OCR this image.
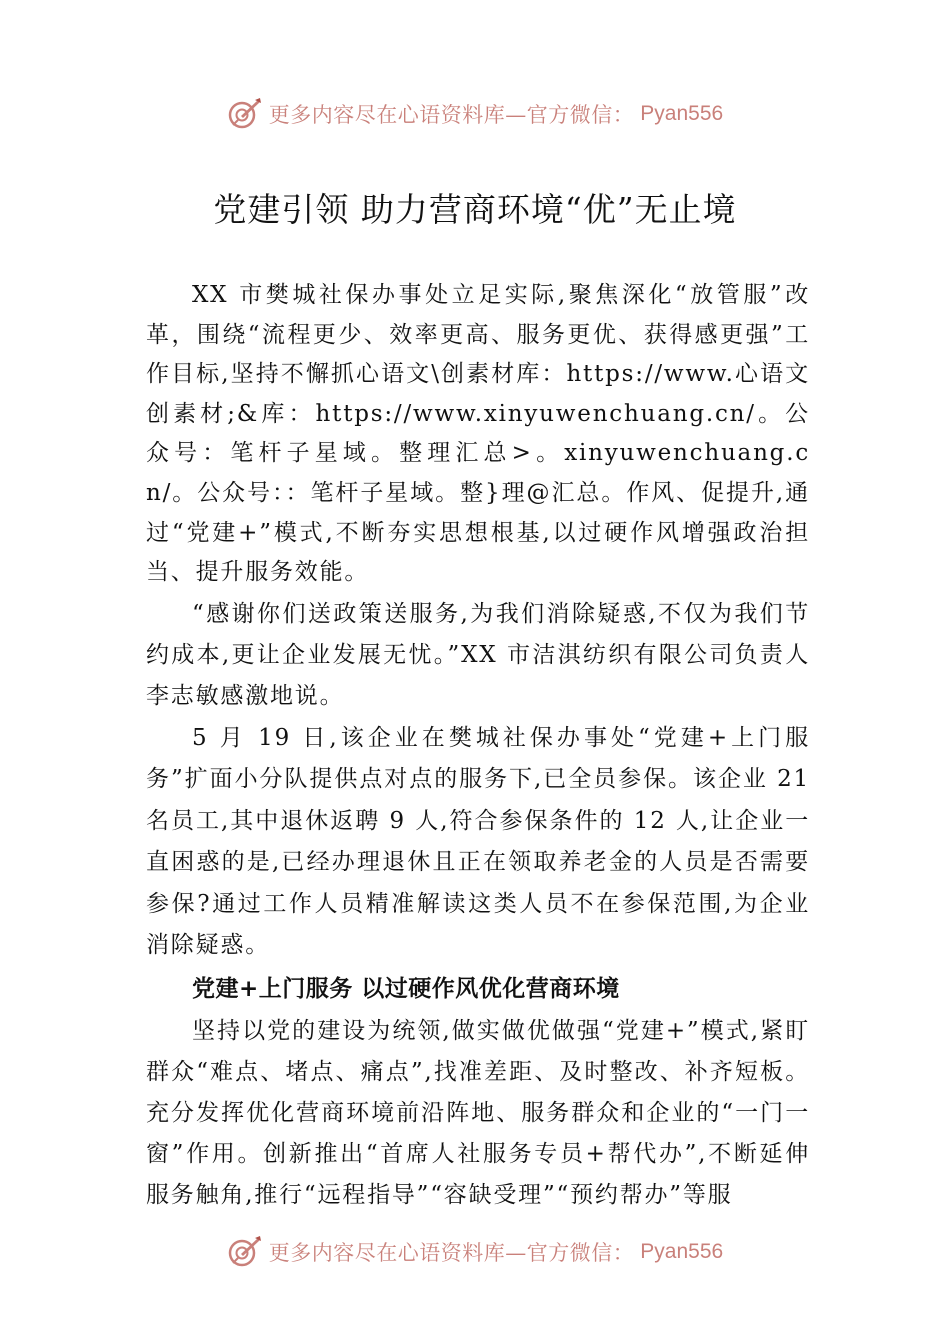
更多内容尽在心语资料库—官方微信： Pyan556
党建引领 助力营商环境“优”无止境

XX 市樊城社保办事处立足实际,聚焦深化“放管服”改革，围绕“流程更少、效率更高、服务更优、获得感更强”工作目标,坚持不懈抓心语文\创素材库：https://www.心语文创素材;&库：https://www.xinyuwenchuang.cn/。公众号：笔杆子星域。整理汇总>。xinyuwenchuang.cn/。公众号：：笔杆子星域。整}理@汇总。作风、促提升,通过“党建+”模式,不断夯实思想根基,以过硬作风增强政治担当、提升服务效能。

“感谢你们送政策送服务,为我们消除疑惑,不仅为我们节约成本,更让企业发展无忧。”XX 市洁淇纺织有限公司负责人李志敏感激地说。

5 月 19 日,该企业在樊城社保办事处“党建+上门服务”扩面小分队提供点对点的服务下,已全员参保。该企业 21 名员工,其中退休返聘 9 人,符合参保条件的 12 人,让企业一直困惑的是,已经办理退休且正在领取养老金的人员是否需要参保?通过工作人员精准解读这类人员不在参保范围,为企业消除疑惑。

党建+上门服务 以过硬作风优化营商环境

坚持以党的建设为统领,做实做优做强“党建+”模式,紧盯群众“难点、堵点、痛点”,找准差距、及时整改、补齐短板。充分发挥优化营商环境前沿阵地、服务群众和企业的“一门一窗”作用。创新推出“首席人社服务专员+帮代办”,不断延伸服务触角,推行“远程指导”“容缺受理”“预约帮办”等服

更多内容尽在心语资料库—官方微信： Pyan556
